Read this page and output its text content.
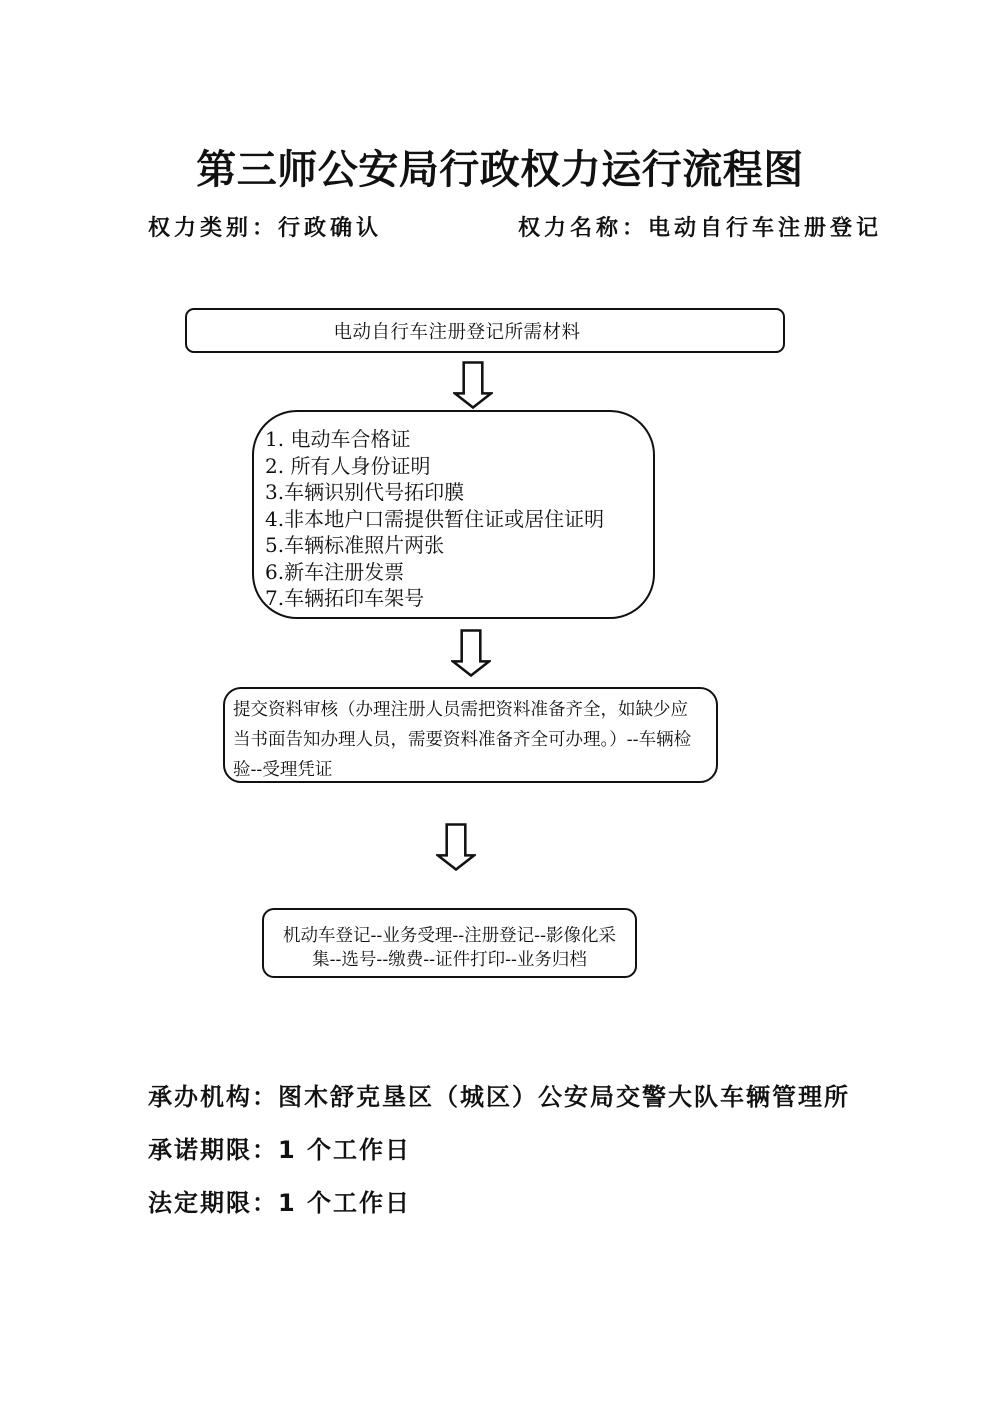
第三师公安局行政权力运行流程图
权力类别：行政确认	权力名称：电动自行车注册登记
电动自行车注册登记所需材料
1. 电动车合格证
2. 所有人身份证明
3.车辆识别代号拓印膜
4.非本地户口需提供暂住证或居住证明
5.车辆标准照片两张
6.新车注册发票
7.车辆拓印车架号
提交资料审核（办理注册人员需把资料准备齐全，如缺少应
当书面告知办理人员，需要资料准备齐全可办理。）--车辆检
验--受理凭证
机动车登记--业务受理--注册登记--影像化采
集--选号--缴费--证件打印--业务归档
承办机构：图木舒克垦区（城区）公安局交警大队车辆管理所
承诺期限：1 个工作日
法定期限：1 个工作日
